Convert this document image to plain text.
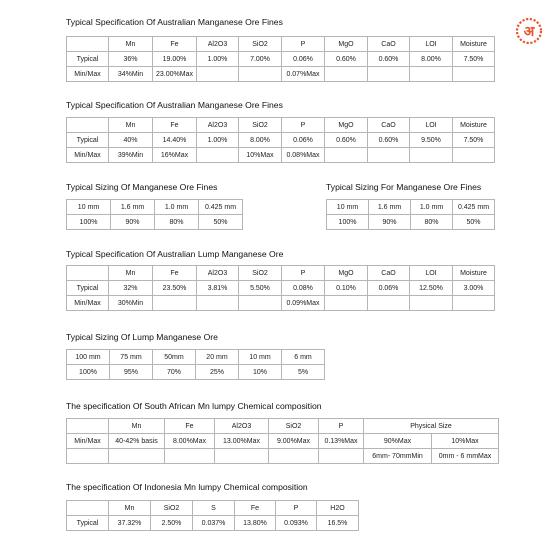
अ
Typical Specification Of Australian Manganese Ore Fines
	Mn	Fe	Al2O3	SiO2	P	MgO	CaO	LOI	Moisture
Typical	36%	19.00%	1.00%	7.00%	0.06%	0.60%	0.60%	8.00%	7.50%
Min/Max	34%Min	23.00%Max			0.07%Max				
Typical Specification Of Australian Manganese Ore Fines
	Mn	Fe	Al2O3	SiO2	P	MgO	CaO	LOI	Moisture
Typical	40%	14.40%	1.00%	8.00%	0.06%	0.60%	0.60%	9.50%	7.50%
Min/Max	39%Min	16%Max		10%Max	0.08%Max				
Typical Sizing Of Manganese Ore Fines
10 mm	1.6 mm	1.0 mm	0.425 mm
100%	90%	80%	50%
Typical Sizing For Manganese Ore Fines
10 mm	1.6 mm	1.0 mm	0.425 mm
100%	90%	80%	50%
Typical Specification Of Australian Lump Manganese Ore
	Mn	Fe	Al2O3	SiO2	P	MgO	CaO	LOI	Moisture
Typical	32%	23.50%	3.81%	5.50%	0.08%	0.10%	0.06%	12.50%	3.00%
Min/Max	30%Min				0.09%Max				
Typical Sizing Of Lump Manganese Ore
100 mm	75 mm	50mm	20 mm	10 mm	6 mm
100%	95%	70%	25%	10%	5%
The specification Of South African Mn lumpy Chemical composition
	Mn	Fe	Al2O3	SiO2	P	Physical Size	
Min/Max	40-42% basis	8.00%Max	13.00%Max	9.00%Max	0.13%Max	90%Max	10%Max
						6mm- 70mmMin	0mm - 6 mmMax
The specification Of Indonesia Mn lumpy Chemical composition
	Mn	SiO2	S	Fe	P	H2O
Typical	37.32%	2.50%	0.037%	13.80%	0.093%	16.5%
